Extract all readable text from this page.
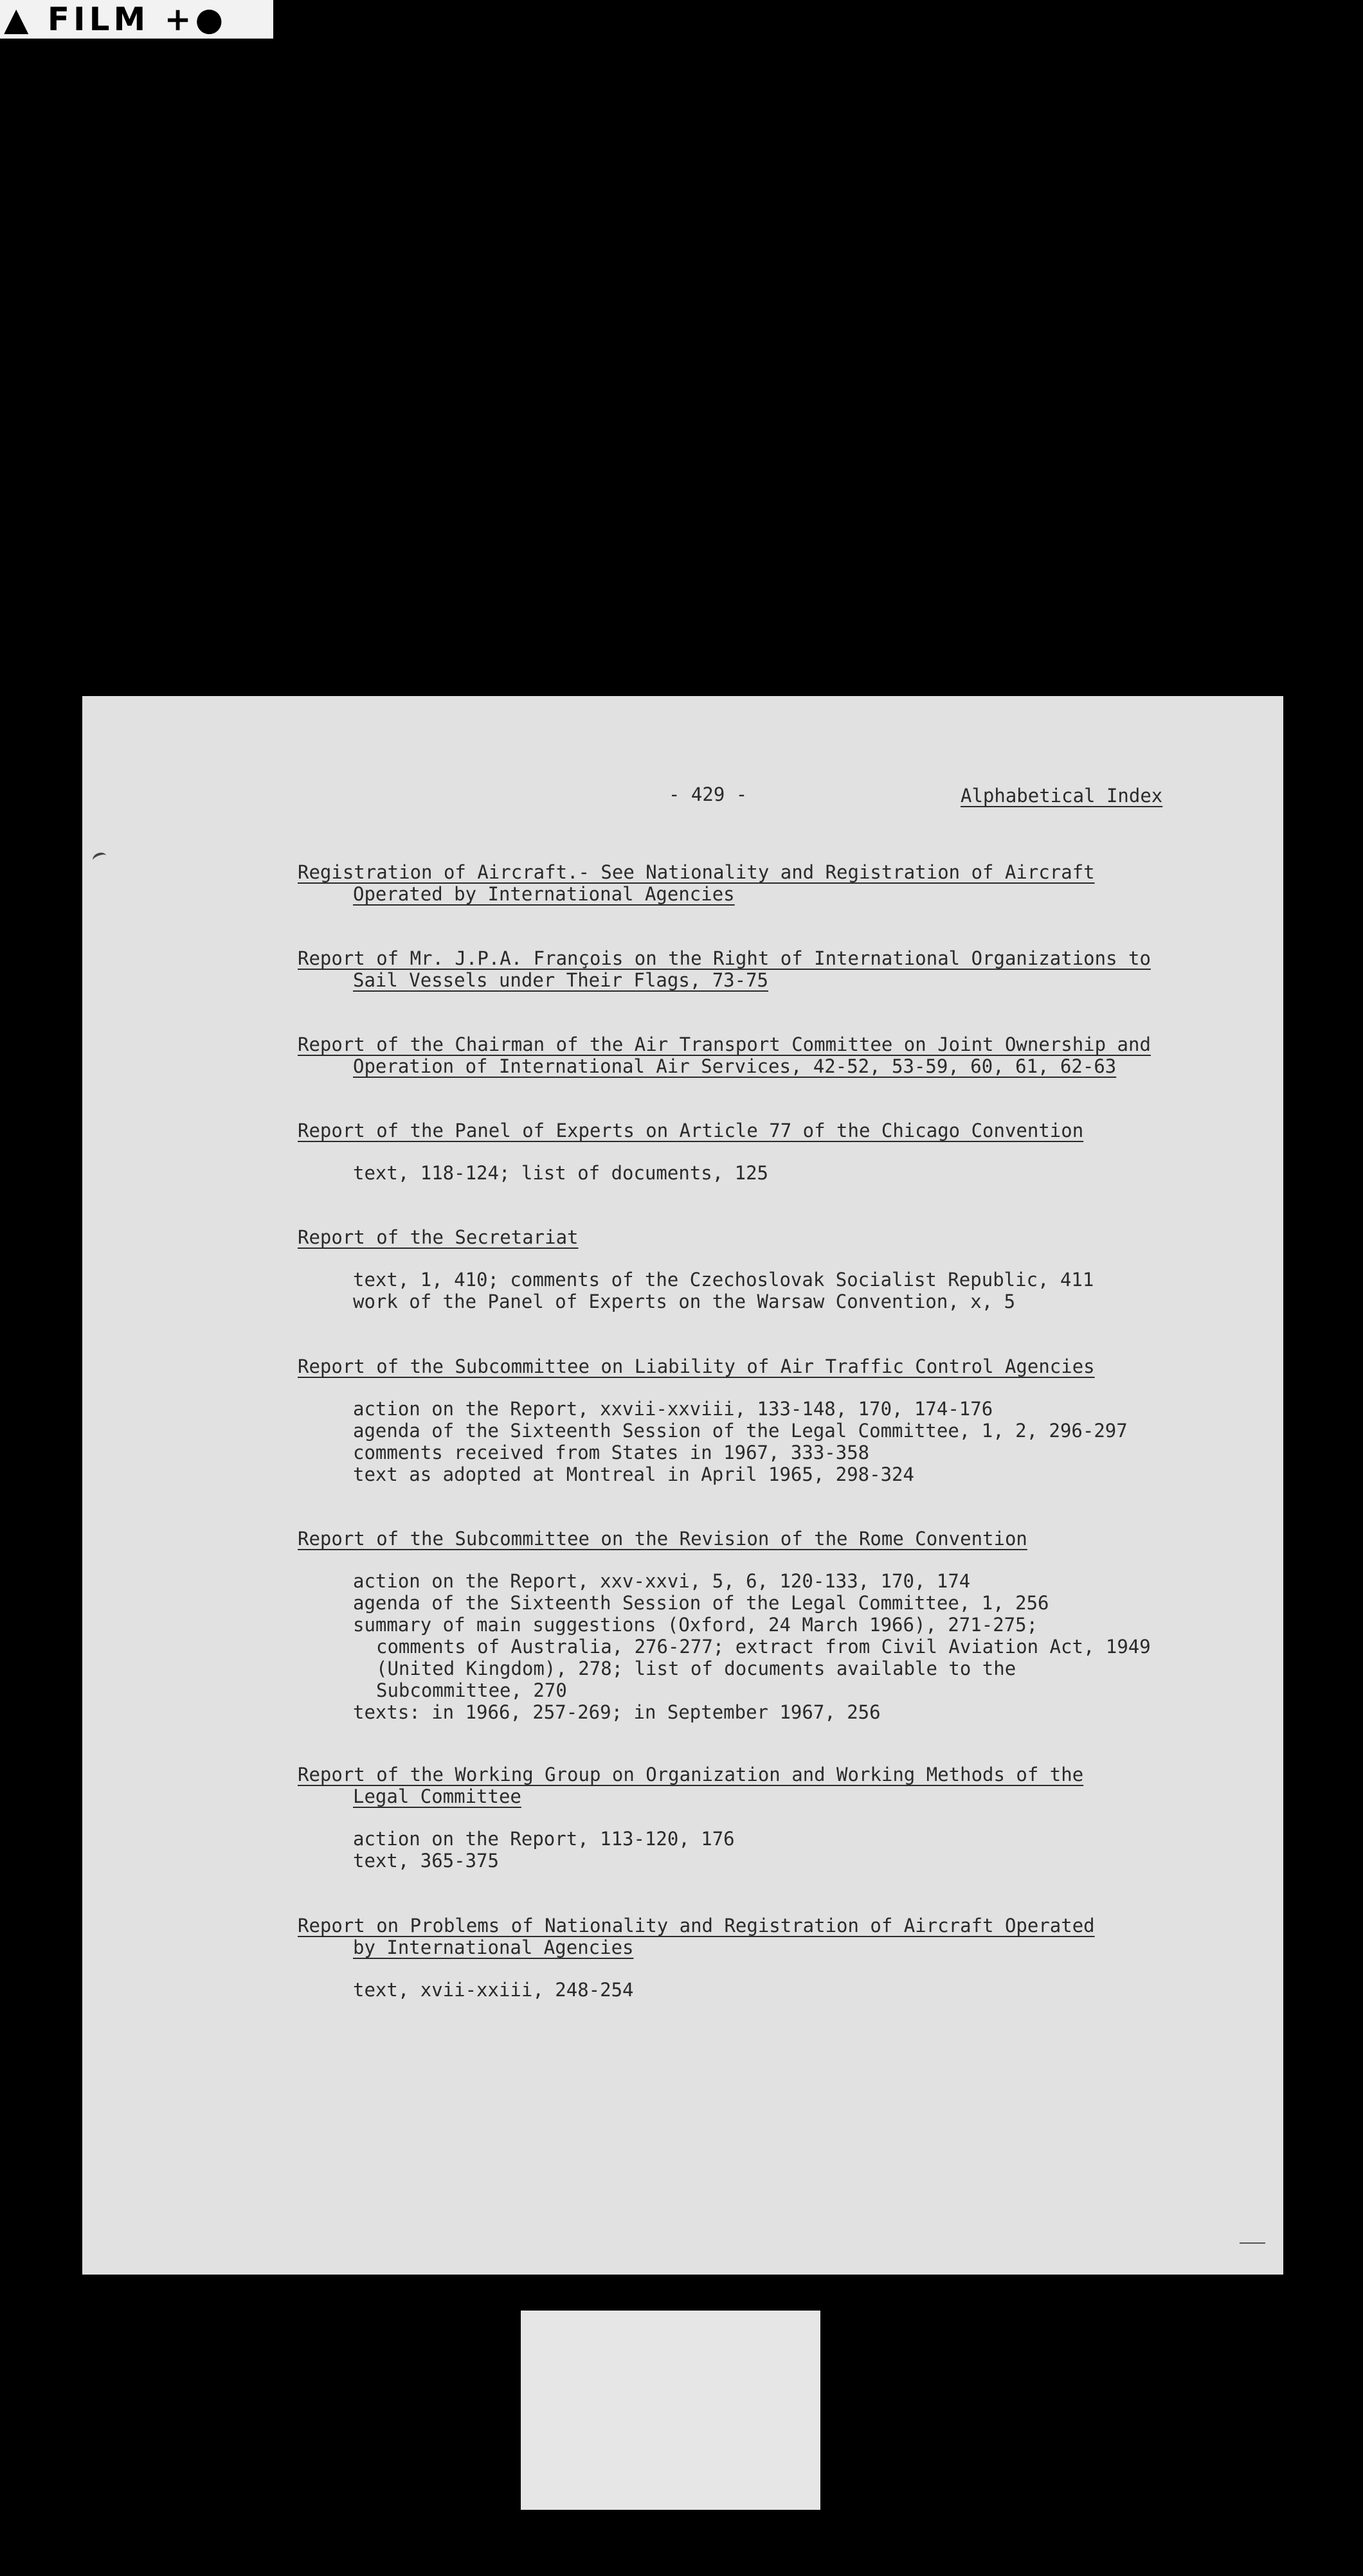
▲ FILM +●
- 429 -	Alphabetical Index
Registration of Aircraft.- See Nationality and Registration of Aircraft
Operated by International Agencies
Report of Mr. J.P.A. François on the Right of International Organizations to
Sail Vessels under Their Flags, 73-75
Report of the Chairman of the Air Transport Committee on Joint Ownership and
Operation of International Air Services, 42-52, 53-59, 60, 61, 62-63
Report of the Panel of Experts on Article 77 of the Chicago Convention
text, 118-124; list of documents, 125
Report of the Secretariat
text, 1, 410; comments of the Czechoslovak Socialist Republic, 411
work of the Panel of Experts on the Warsaw Convention, x, 5
Report of the Subcommittee on Liability of Air Traffic Control Agencies
action on the Report, xxvii-xxviii, 133-148, 170, 174-176
agenda of the Sixteenth Session of the Legal Committee, 1, 2, 296-297
comments received from States in 1967, 333-358
text as adopted at Montreal in April 1965, 298-324
Report of the Subcommittee on the Revision of the Rome Convention
action on the Report, xxv-xxvi, 5, 6, 120-133, 170, 174
agenda of the Sixteenth Session of the Legal Committee, 1, 256
summary of main suggestions (Oxford, 24 March 1966), 271-275;
comments of Australia, 276-277; extract from Civil Aviation Act, 1949
(United Kingdom), 278; list of documents available to the
Subcommittee, 270
texts: in 1966, 257-269; in September 1967, 256
Report of the Working Group on Organization and Working Methods of the
Legal Committee
action on the Report, 113-120, 176
text, 365-375
Report on Problems of Nationality and Registration of Aircraft Operated
by International Agencies
text, xvii-xxiii, 248-254
